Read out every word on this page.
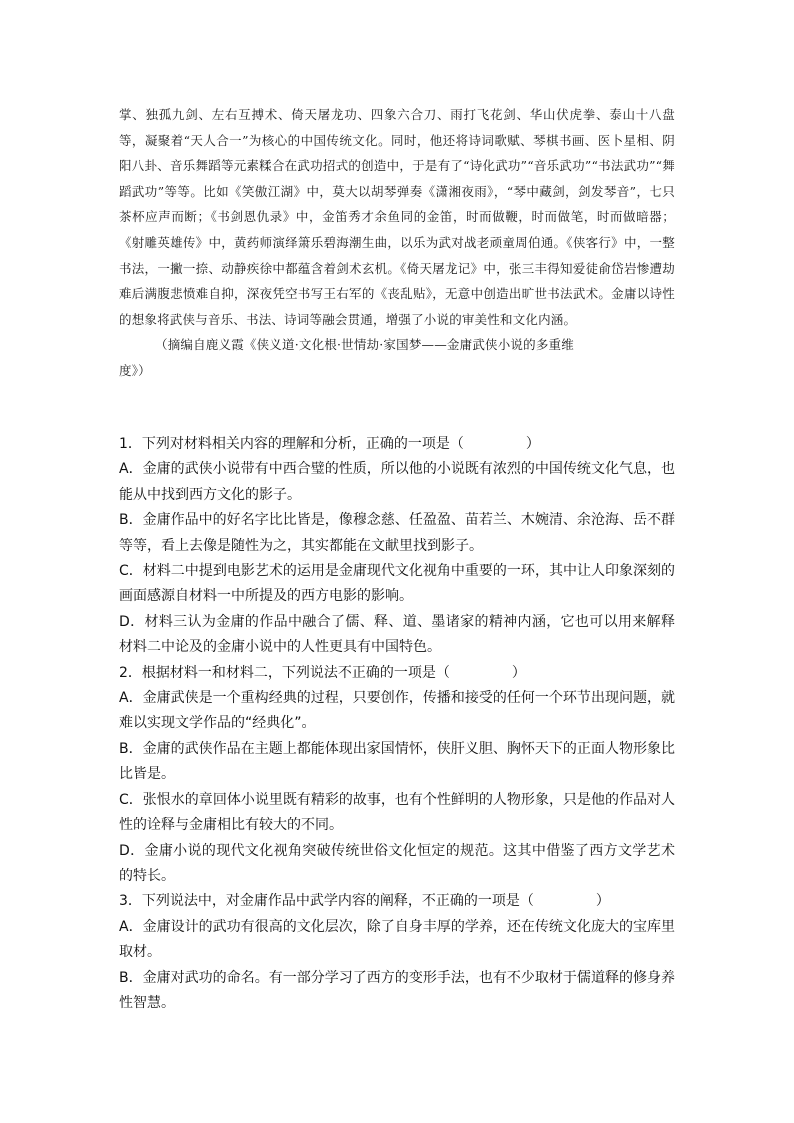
掌、独孤九剑、左右互搏术、倚天屠龙功、四象六合刀、雨打飞花剑、华山伏虎拳、泰山十八盘等，凝聚着“天人合一”为核心的中国传统文化。同时，他还将诗词歌赋、琴棋书画、医卜星相、阴阳八卦、音乐舞蹈等元素糅合在武功招式的创造中，于是有了“诗化武功”“音乐武功”“书法武功”“舞蹈武功”等等。比如《笑傲江湖》中，莫大以胡琴弹奏《潇湘夜雨》，“琴中藏剑，剑发琴音”，七只茶杯应声而断；《书剑恩仇录》中，金笛秀才余鱼同的金笛，时而做鞭，时而做笔，时而做暗器；《射雕英雄传》中，黄药师演绎箫乐碧海潮生曲，以乐为武对战老顽童周伯通。《侠客行》中，一整书法，一撇一捺、动静疾徐中都蕴含着剑术玄机。《倚天屠龙记》中，张三丰得知爱徒俞岱岩惨遭劫难后满腹悲愤难自抑，深夜凭空书写王右军的《丧乱贴》，无意中创造出旷世书法武术。金庸以诗性的想象将武侠与音乐、书法、诗词等融会贯通，增强了小说的审美性和文化内涵。

（摘编自鹿义霞《侠义道·文化根·世情劫·家国梦——金庸武侠小说的多重维

度》）

1．下列对材料相关内容的理解和分析，正确的一项是（	）

A．金庸的武侠小说带有中西合璧的性质，所以他的小说既有浓烈的中国传统文化气息，也能从中找到西方文化的影子。

B．金庸作品中的好名字比比皆是，像穆念慈、任盈盈、苗若兰、木婉清、余沧海、岳不群等等，看上去像是随性为之，其实都能在文献里找到影子。

C．材料二中提到电影艺术的运用是金庸现代文化视角中重要的一环，其中让人印象深刻的画面感源自材料一中所提及的西方电影的影响。

D．材料三认为金庸的作品中融合了儒、释、道、墨诸家的精神内涵，它也可以用来解释材料二中论及的金庸小说中的人性更具有中国特色。

2．根据材料一和材料二，下列说法不正确的一项是（	）

A．金庸武侠是一个重构经典的过程，只要创作，传播和接受的任何一个环节出现问题，就难以实现文学作品的“经典化”。

B．金庸的武侠作品在主题上都能体现出家国情怀，侠肝义胆、胸怀天下的正面人物形象比比皆是。

C．张恨水的章回体小说里既有精彩的故事，也有个性鲜明的人物形象，只是他的作品对人性的诠释与金庸相比有较大的不同。

D．金庸小说的现代文化视角突破传统世俗文化恒定的规范。这其中借鉴了西方文学艺术的特长。

3．下列说法中，对金庸作品中武学内容的阐释，不正确的一项是（	）

A．金庸设计的武功有很高的文化层次，除了自身丰厚的学养，还在传统文化庞大的宝库里取材。

B．金庸对武功的命名。有一部分学习了西方的变形手法，也有不少取材于儒道释的修身养性智慧。
